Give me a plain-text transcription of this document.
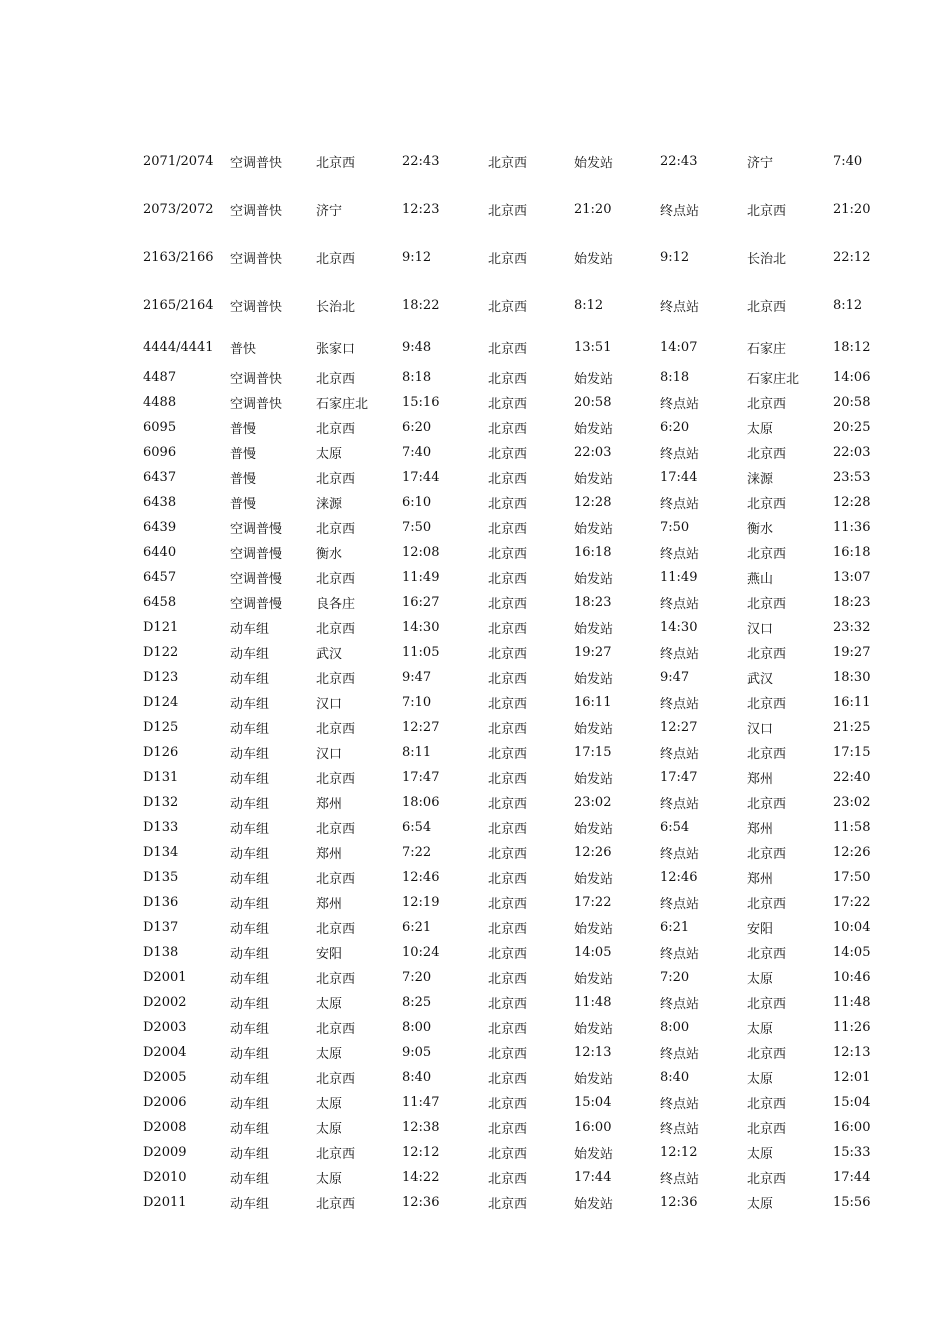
2071/2074	空调普快	北京西	22:43	北京西	始发站	22:43	济宁	7:40
2073/2072	空调普快	济宁	12:23	北京西	21:20	终点站	北京西	21:20
2163/2166	空调普快	北京西	9:12	北京西	始发站	9:12	长治北	22:12
2165/2164	空调普快	长治北	18:22	北京西	8:12	终点站	北京西	8:12
4444/4441	普快	张家口	9:48	北京西	13:51	14:07	石家庄	18:12
4487	空调普快	北京西	8:18	北京西	始发站	8:18	石家庄北	14:06
4488	空调普快	石家庄北	15:16	北京西	20:58	终点站	北京西	20:58
6095	普慢	北京西	6:20	北京西	始发站	6:20	太原	20:25
6096	普慢	太原	7:40	北京西	22:03	终点站	北京西	22:03
6437	普慢	北京西	17:44	北京西	始发站	17:44	涞源	23:53
6438	普慢	涞源	6:10	北京西	12:28	终点站	北京西	12:28
6439	空调普慢	北京西	7:50	北京西	始发站	7:50	衡水	11:36
6440	空调普慢	衡水	12:08	北京西	16:18	终点站	北京西	16:18
6457	空调普慢	北京西	11:49	北京西	始发站	11:49	燕山	13:07
6458	空调普慢	良各庄	16:27	北京西	18:23	终点站	北京西	18:23
D121	动车组	北京西	14:30	北京西	始发站	14:30	汉口	23:32
D122	动车组	武汉	11:05	北京西	19:27	终点站	北京西	19:27
D123	动车组	北京西	9:47	北京西	始发站	9:47	武汉	18:30
D124	动车组	汉口	7:10	北京西	16:11	终点站	北京西	16:11
D125	动车组	北京西	12:27	北京西	始发站	12:27	汉口	21:25
D126	动车组	汉口	8:11	北京西	17:15	终点站	北京西	17:15
D131	动车组	北京西	17:47	北京西	始发站	17:47	郑州	22:40
D132	动车组	郑州	18:06	北京西	23:02	终点站	北京西	23:02
D133	动车组	北京西	6:54	北京西	始发站	6:54	郑州	11:58
D134	动车组	郑州	7:22	北京西	12:26	终点站	北京西	12:26
D135	动车组	北京西	12:46	北京西	始发站	12:46	郑州	17:50
D136	动车组	郑州	12:19	北京西	17:22	终点站	北京西	17:22
D137	动车组	北京西	6:21	北京西	始发站	6:21	安阳	10:04
D138	动车组	安阳	10:24	北京西	14:05	终点站	北京西	14:05
D2001	动车组	北京西	7:20	北京西	始发站	7:20	太原	10:46
D2002	动车组	太原	8:25	北京西	11:48	终点站	北京西	11:48
D2003	动车组	北京西	8:00	北京西	始发站	8:00	太原	11:26
D2004	动车组	太原	9:05	北京西	12:13	终点站	北京西	12:13
D2005	动车组	北京西	8:40	北京西	始发站	8:40	太原	12:01
D2006	动车组	太原	11:47	北京西	15:04	终点站	北京西	15:04
D2008	动车组	太原	12:38	北京西	16:00	终点站	北京西	16:00
D2009	动车组	北京西	12:12	北京西	始发站	12:12	太原	15:33
D2010	动车组	太原	14:22	北京西	17:44	终点站	北京西	17:44
D2011	动车组	北京西	12:36	北京西	始发站	12:36	太原	15:56
